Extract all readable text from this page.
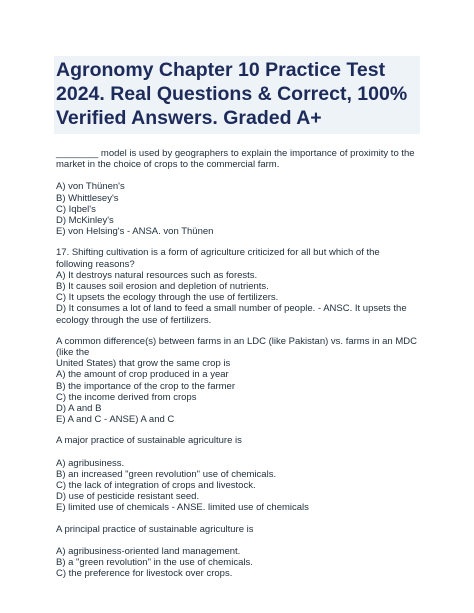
Agronomy Chapter 10 Practice Test 2024. Real Questions & Correct, 100% Verified Answers. Graded A+
________ model is used by geographers to explain the importance of proximity to the market in the choice of crops to the commercial farm.
A) von Thünen's
B) Whittlesey's
C) Iqbel's
D) McKinley's
E) von Helsing's - ANSA. von Thünen
17. Shifting cultivation is a form of agriculture criticized for all but which of the following reasons?
A) It destroys natural resources such as forests.
B) It causes soil erosion and depletion of nutrients.
C) It upsets the ecology through the use of fertilizers.
D) It consumes a lot of land to feed a small number of people. - ANSC. It upsets the ecology through the use of fertilizers.
A common difference(s) between farms in an LDC (like Pakistan) vs. farms in an MDC (like the
United States) that grow the same crop is
A) the amount of crop produced in a year
B) the importance of the crop to the farmer
C) the income derived from crops
D) A and B
E) A and C - ANSE) A and C
A major practice of sustainable agriculture is
A) agribusiness.
B) an increased "green revolution" use of chemicals.
C) the lack of integration of crops and livestock.
D) use of pesticide resistant seed.
E) limited use of chemicals - ANSE. limited use of chemicals
A principal practice of sustainable agriculture is
A) agribusiness-oriented land management.
B) a "green revolution" in the use of chemicals.
C) the preference for livestock over crops.
